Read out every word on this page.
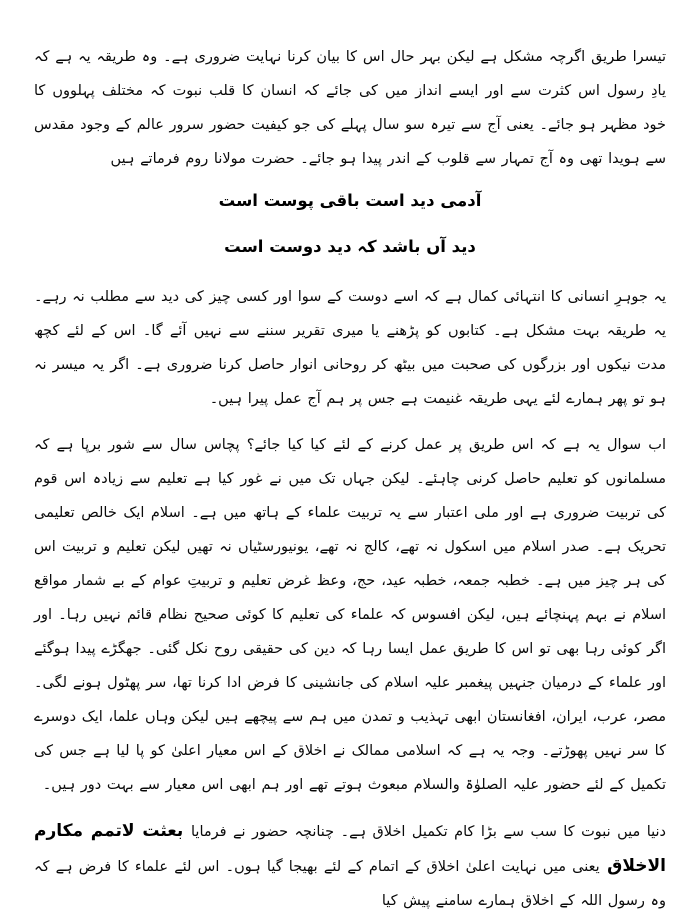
تیسرا طریق اگرچہ مشکل ہے لیکن بہر حال اس کا بیان کرنا نہایت ضروری ہے۔ وہ طریقہ یہ ہے کہ یادِ رسول اس کثرت سے اور ایسے انداز میں کی جائے کہ انسان کا قلب نبوت کہ مختلف پہلووں کا خود مظہر ہو جائے۔ یعنی آج سے تیرہ سو سال پہلے کی جو کیفیت حضور سرور عالم کے وجود مقدس سے ہویدا تھی وہ آج تمہار سے قلوب کے اندر پیدا ہو جائے۔ حضرت مولانا روم فرماتے ہیں

آدمی دید است باقی پوست است
دید آں باشد کہ دید دوست است

یہ جوہرِ انسانی کا انتہائی کمال ہے کہ اسے دوست کے سوا اور کسی چیز کی دید سے مطلب نہ رہے۔ یہ طریقہ بہت مشکل ہے۔ کتابوں کو پڑھنے یا میری تقریر سننے سے نہیں آئے گا۔ اس کے لئے کچھ مدت نیکوں اور بزرگوں کی صحبت میں بیٹھ کر روحانی انوار حاصل کرنا ضروری ہے۔ اگر یہ میسر نہ ہو تو پھر ہمارے لئے یہی طریقہ غنیمت ہے جس پر ہم آج عمل پیرا ہیں۔

اب سوال یہ ہے کہ اس طریق پر عمل کرنے کے لئے کیا کیا جائے؟ پچاس سال سے شور برپا ہے کہ مسلمانوں کو تعلیم حاصل کرنی چاہئے۔ لیکن جہاں تک میں نے غور کیا ہے تعلیم سے زیادہ اس قوم کی تربیت ضروری ہے اور ملی اعتبار سے یہ تربیت علماء کے ہاتھ میں ہے۔ اسلام ایک خالص تعلیمی تحریک ہے۔ صدر اسلام میں اسکول نہ تھے، کالج نہ تھے، یونیورسٹیاں نہ تھیں لیکن تعلیم و تربیت اس کی ہر چیز میں ہے۔ خطبہ جمعہ، خطبہ عید، حج، وعظ غرض تعلیم و تربیتِ عوام کے بے شمار مواقع اسلام نے بہم پہنچائے ہیں، لیکن افسوس کہ علماء کی تعلیم کا کوئی صحیح نظام قائم نہیں رہا۔ اور اگر کوئی رہا بھی تو اس کا طریق عمل ایسا رہا کہ دین کی حقیقی روح نکل گئی۔ جھگڑے پیدا ہوگئے اور علماء کے درمیان جنہیں پیغمبر علیہ اسلام کی جانشینی کا فرض ادا کرنا تھا، سر پھٹول ہونے لگی۔ مصر، عرب، ایران، افغانستان ابھی تہذیب و تمدن میں ہم سے پیچھے ہیں لیکن وہاں علما، ایک دوسرے کا سر نہیں پھوڑتے۔ وجہ یہ ہے کہ اسلامی ممالک نے اخلاق کے اس معیار اعلیٰ کو پا لیا ہے جس کی تکمیل کے لئے حضور علیہ الصلوٰۃ والسلام مبعوث ہوتے تھے اور ہم ابھی اس معیار سے بہت دور ہیں۔

دنیا میں نبوت کا سب سے بڑا کام تکمیل اخلاق ہے۔ چنانچہ حضور نے فرمایا بعثت لاتمم مکارم الاخلاق یعنی میں نہایت اعلیٰ اخلاق کے اتمام کے لئے بھیجا گیا ہوں۔ اس لئے علماء کا فرض ہے کہ وہ رسول اللہ کے اخلاق ہمارے سامنے پیش کیا
